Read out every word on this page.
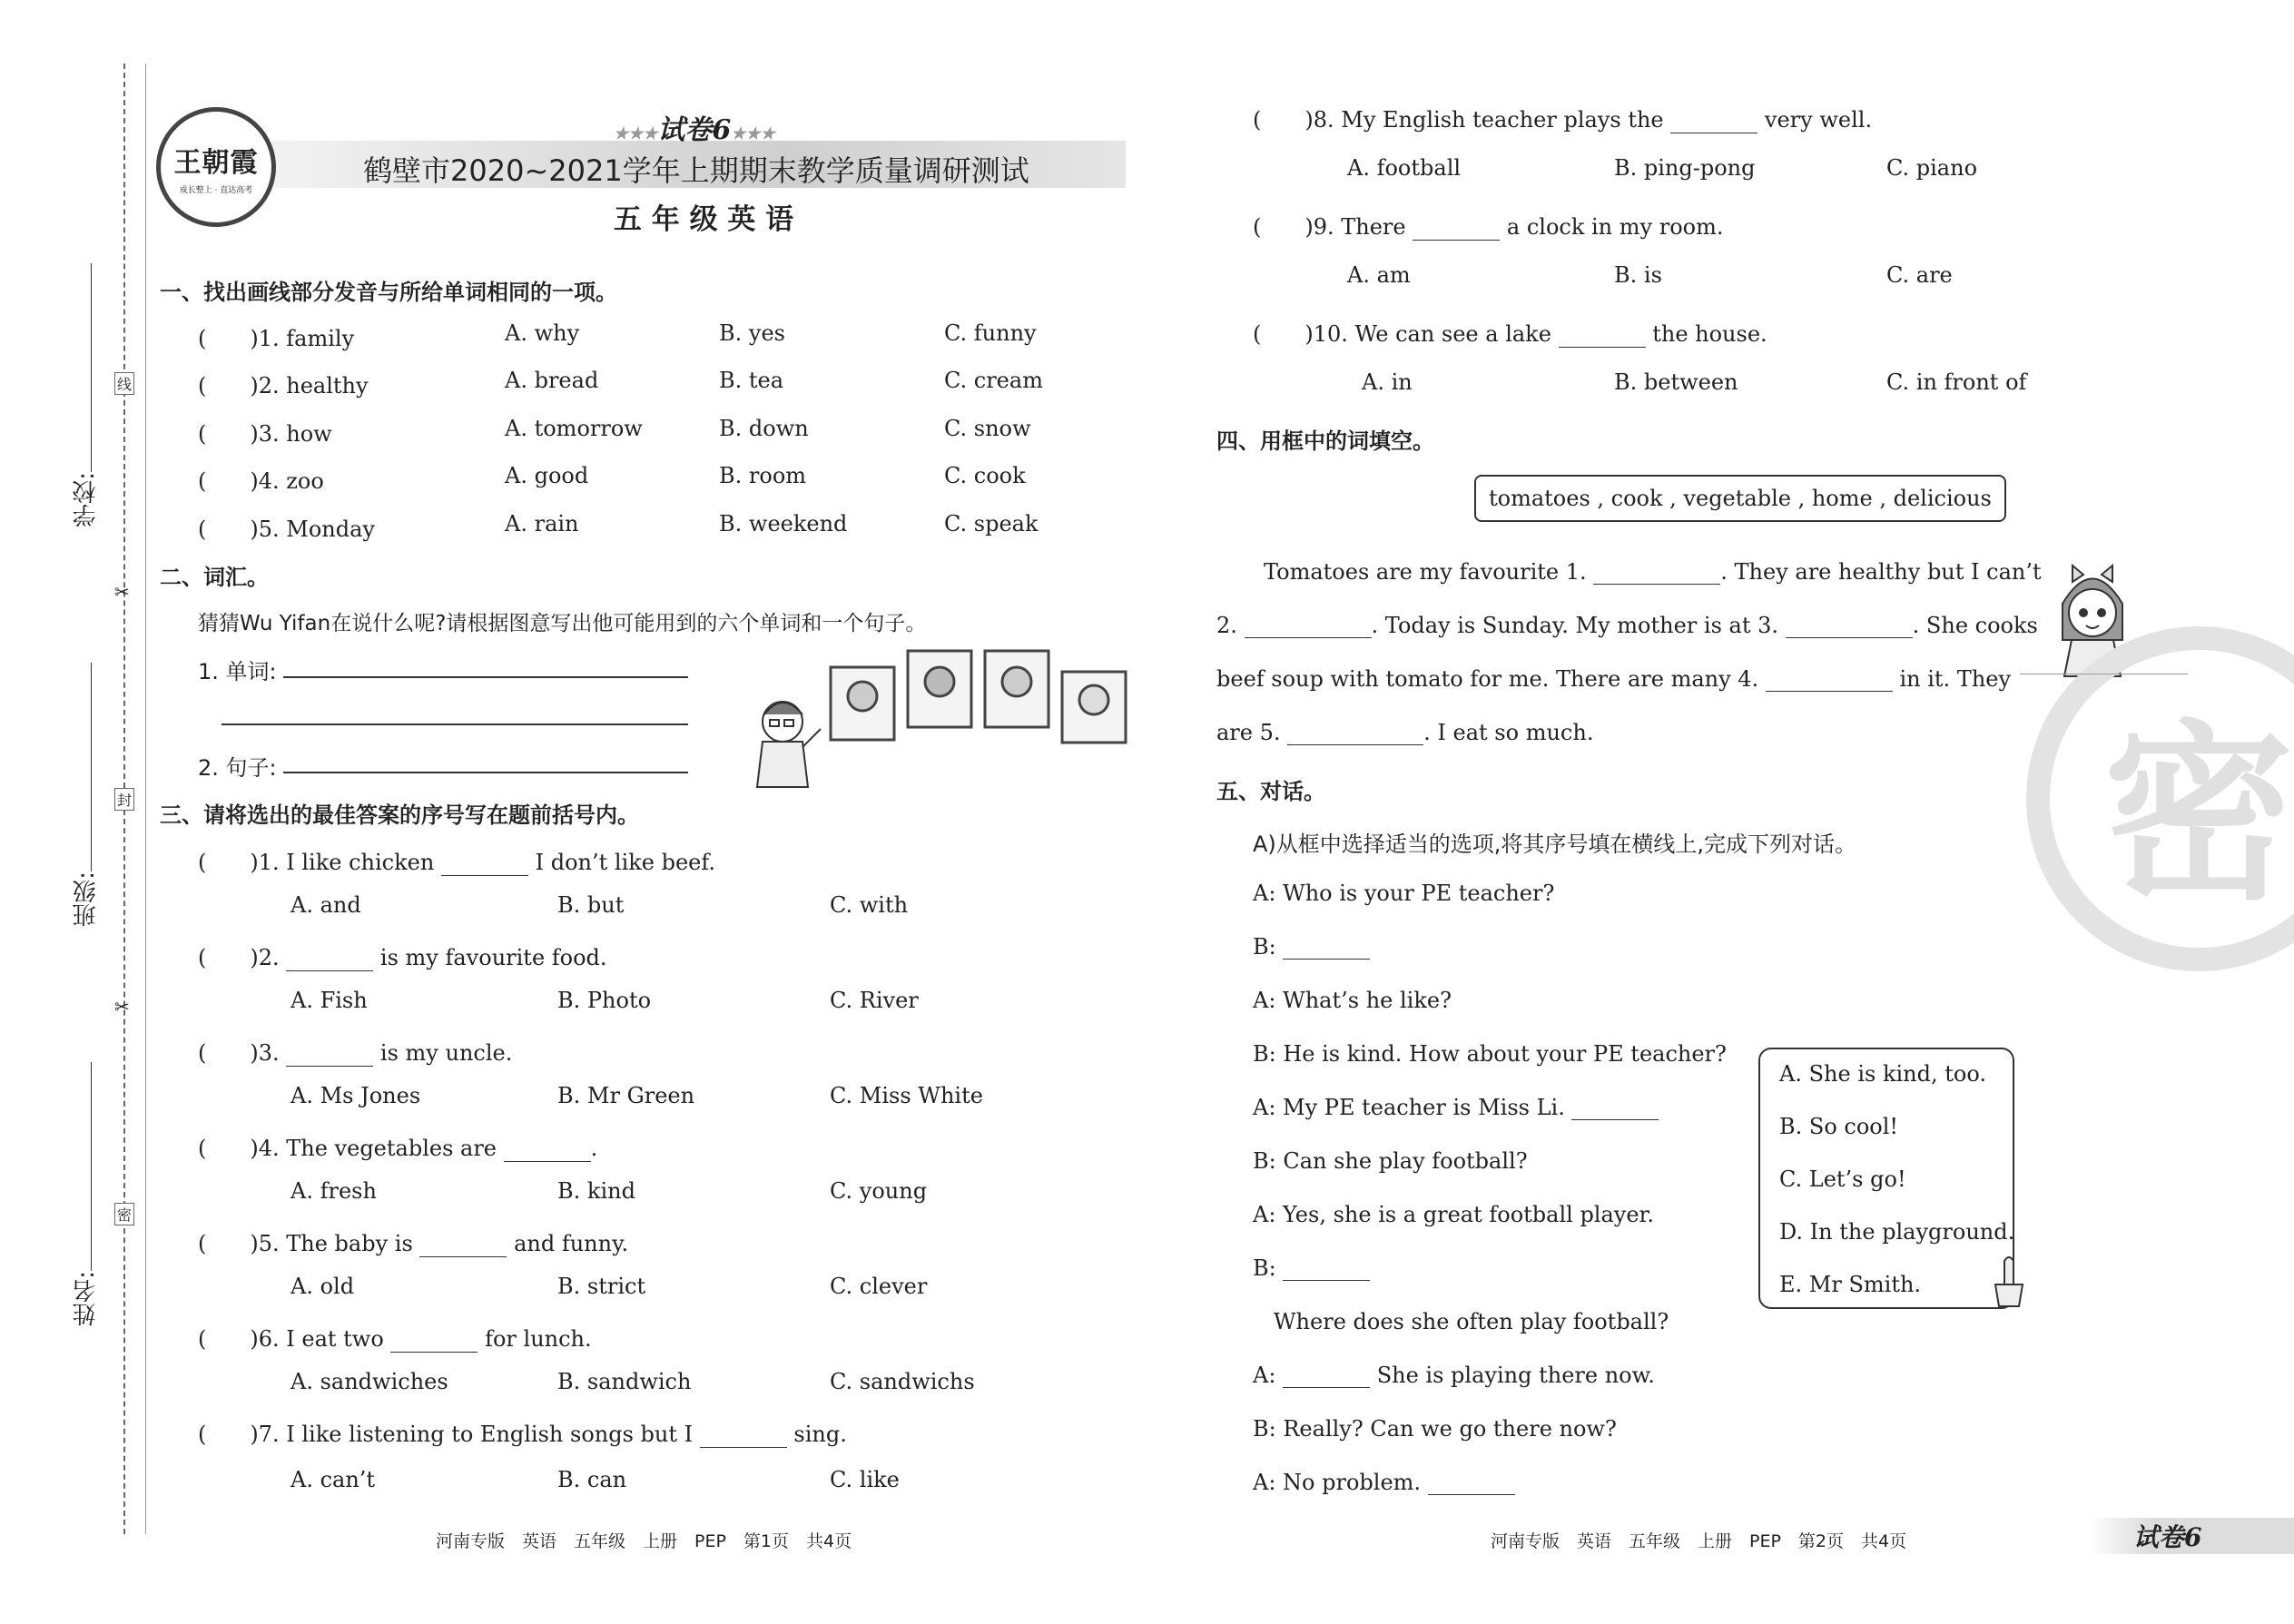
学校:
班级:
姓名:
线
封
密
✂
✂
王朝霞
成长整上 · 直达高考
★★★试卷6★★★
鹤壁市2020~2021学年上期期末教学质量调研测试
五 年 级 英 语
一、找出画线部分发音与所给单词相同的一项。
(　　)1. family	A. why	B. yes	C. funny
(　　)2. healthy	A. bread	B. tea	C. cream
(　　)3. how	A. tomorrow	B. down	C. snow
(　　)4. zoo	A. good	B. room	C. cook
(　　)5. Monday	A. rain	B. weekend	C. speak
二、词汇。
猜猜Wu Yifan在说什么呢?请根据图意写出他可能用到的六个单词和一个句子。
1. 单词:
2. 句子:
三、请将选出的最佳答案的序号写在题前括号内。
(　　)1. I like chicken	I don’t like beef.
A. and	B. but	C. with
(　　)2.	is my favourite food.
A. Fish	B. Photo	C. River
(　　)3.	is my uncle.
A. Ms Jones	B. Mr Green	C. Miss White
(　　)4. The vegetables are	.
A. fresh	B. kind	C. young
(　　)5. The baby is	and funny.
A. old	B. strict	C. clever
(　　)6. I eat two	for lunch.
A. sandwiches	B. sandwich	C. sandwichs
(　　)7. I like listening to English songs but I	sing.
A. can’t	B. can	C. like
河南专版　英语　五年级　上册　PEP　第1页　共4页
(　　)8. My English teacher plays the	very well.
A. football	B. ping-pong	C. piano
(　　)9. There	a clock in my room.
A. am	B. is	C. are
(　　)10. We can see a lake	the house.
A. in	B. between	C. in front of
四、用框中的词填空。
tomatoes , cook , vegetable , home , delicious
Tomatoes are my favourite 1.	. They are healthy but I can’t
2.	. Today is Sunday. My mother is at 3.	. She cooks
beef soup with tomato for me. There are many 4.	in it. They
are 5.	. I eat so much.	密
五、对话。
A)从框中选择适当的选项,将其序号填在横线上,完成下列对话。
A: Who is your PE teacher?
B:
A: What’s he like?
B: He is kind. How about your PE teacher?
A: My PE teacher is Miss Li.
B: Can she play football?
A: Yes, she is a great football player.
B:
Where does she often play football?
A:	She is playing there now.
B: Really? Can we go there now?
A: No problem.
A. She is kind, too.
B. So cool!
C. Let’s go!
D. In the playground.
E. Mr Smith.
河南专版　英语　五年级　上册　PEP　第2页　共4页	试卷6
